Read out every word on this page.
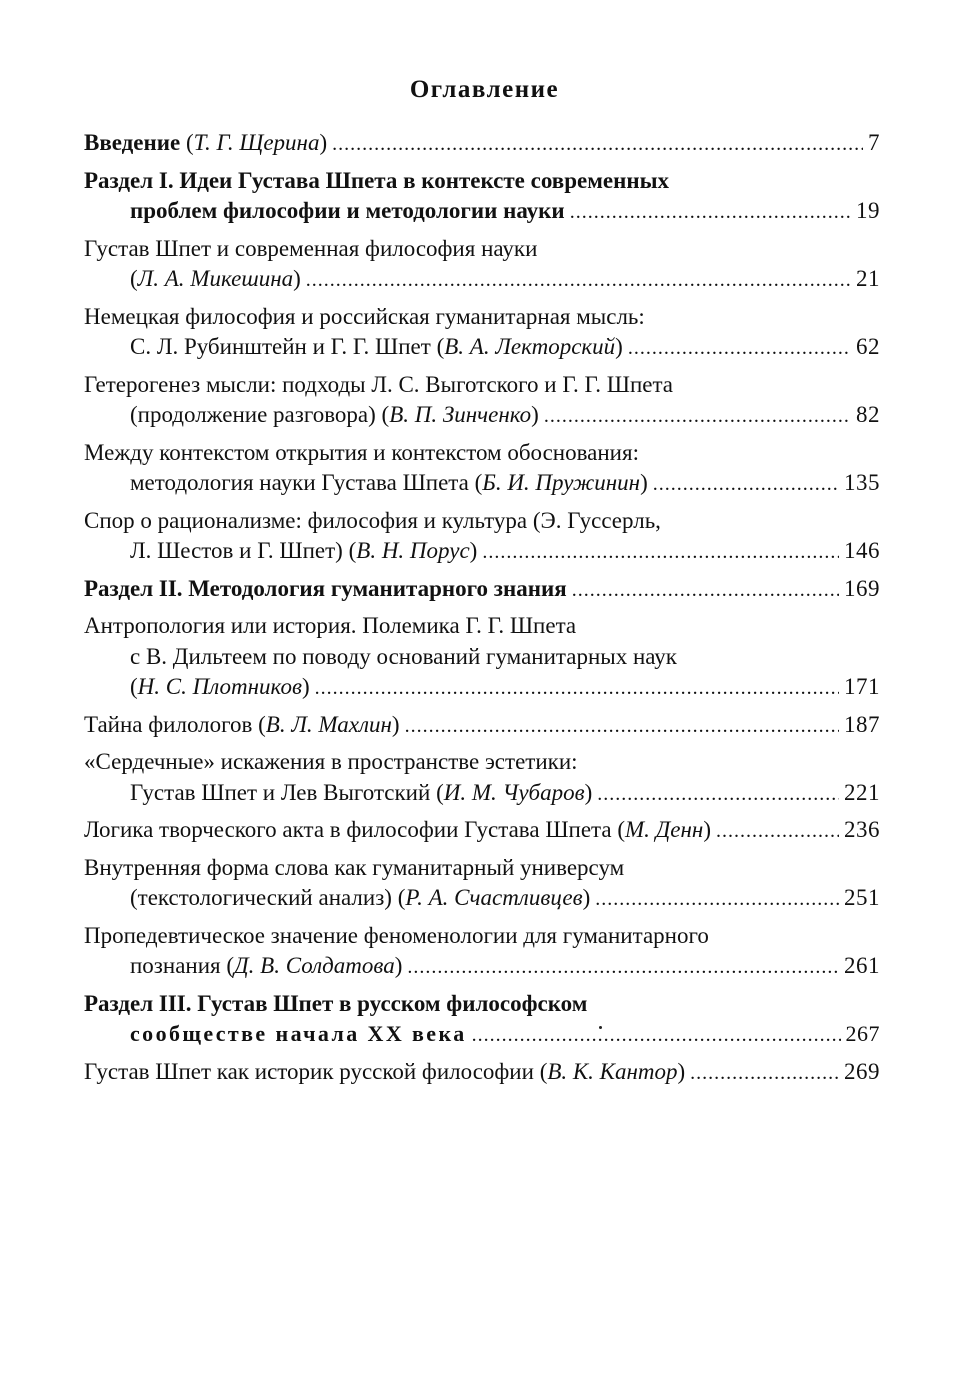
Оглавление
Введение (Т. Г. Щерина) .....	7
Раздел I. Идеи Густава Шпета в контексте современных
проблем философии и методологии науки .....	19
Густав Шпет и современная философия науки
(Л. А. Микешина) .....	21
Немецкая философия и российская гуманитарная мысль:
С. Л. Рубинштейн и Г. Г. Шпет (В. А. Лекторский) .....	62
Гетерогенез мысли: подходы Л. С. Выготского и Г. Г. Шпета
(продолжение разговора) (В. П. Зинченко) .....	82
Между контекстом открытия и контекстом обоснования:
методология науки Густава Шпета (Б. И. Пружинин) .....	135
Спор о рационализме: философия и культура (Э. Гуссерль,
Л. Шестов и Г. Шпет) (В. Н. Порус) .....	146
Раздел II. Методология гуманитарного знания .....	169
Антропология или история. Полемика Г. Г. Шпета
с В. Дильтеем по поводу оснований гуманитарных наук
(Н. С. Плотников) .....	171
Тайна филологов (В. Л. Махлин) .....	187
«Сердечные» искажения в пространстве эстетики:
Густав Шпет и Лев Выготский (И. М. Чубаров) .....	221
Логика творческого акта в философии Густава Шпета (М. Денн) .....	236
Внутренняя форма слова как гуманитарный универсум
(текстологический анализ) (Р. А. Счастливцев) .....	251
Пропедевтическое значение феноменологии для гуманитарного
познания (Д. В. Солдатова) .....	261
Раздел III. Густав Шпет в русском философском
сообществе начала XX века .....	267
Густав Шпет как историк русской философии (В. К. Кантор) .....	269
